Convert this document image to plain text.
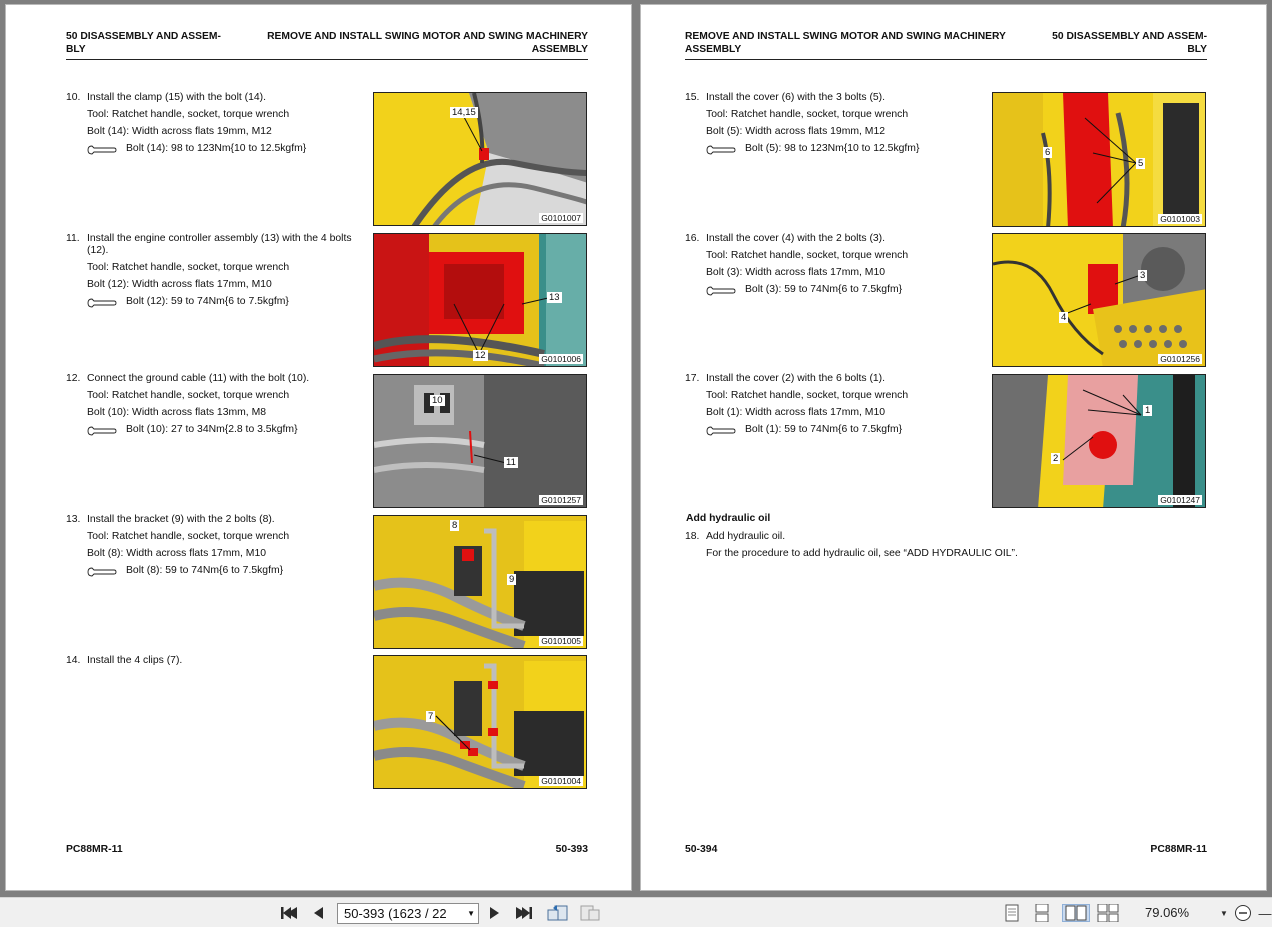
50 DISASSEMBLY AND ASSEM-
BLY
REMOVE AND INSTALL SWING MOTOR AND SWING MACHINERY
ASSEMBLY
10. Install the clamp (15) with the bolt (14).
Tool: Ratchet handle, socket, torque wrench
Bolt (14): Width across flats 19mm, M12
Bolt (14): 98 to 123Nm{10 to 12.5kgfm}
11. Install the engine controller assembly (13) with the 4 bolts
(12).
Tool: Ratchet handle, socket, torque wrench
Bolt (12): Width across flats 17mm, M10
Bolt (12): 59 to 74Nm{6 to 7.5kgfm}
12. Connect the ground cable (11) with the bolt (10).
Tool: Ratchet handle, socket, torque wrench
Bolt (10): Width across flats 13mm, M8
Bolt (10): 27 to 34Nm{2.8 to 3.5kgfm}
13. Install the bracket (9) with the 2 bolts (8).
Tool: Ratchet handle, socket, torque wrench
Bolt (8): Width across flats 17mm, M10
Bolt (8): 59 to 74Nm{6 to 7.5kgfm}
14. Install the 4 clips (7).
14,15
G0101007
13
12	G0101006
10
11
G0101257
8
9
G0101005
7
G0101004
PC88MR-11	50-393
REMOVE AND INSTALL SWING MOTOR AND SWING MACHINERY
ASSEMBLY
50 DISASSEMBLY AND ASSEM-
BLY
15. Install the cover (6) with the 3 bolts (5).
Tool: Ratchet handle, socket, torque wrench
Bolt (5): Width across flats 19mm, M12
Bolt (5): 98 to 123Nm{10 to 12.5kgfm}
16. Install the cover (4) with the 2 bolts (3).
Tool: Ratchet handle, socket, torque wrench
Bolt (3): Width across flats 17mm, M10
Bolt (3): 59 to 74Nm{6 to 7.5kgfm}
17. Install the cover (2) with the 6 bolts (1).
Tool: Ratchet handle, socket, torque wrench
Bolt (1): Width across flats 17mm, M10
Bolt (1): 59 to 74Nm{6 to 7.5kgfm}
Add hydraulic oil
18. Add hydraulic oil.
For the procedure to add hydraulic oil, see “ADD HYDRAULIC OIL”.
6
5
G0101003
3
4
G0101256
1
2
G0101247
50-394	PC88MR-11
50-393 (1623 / 22	▼	79.06%	▼ —
